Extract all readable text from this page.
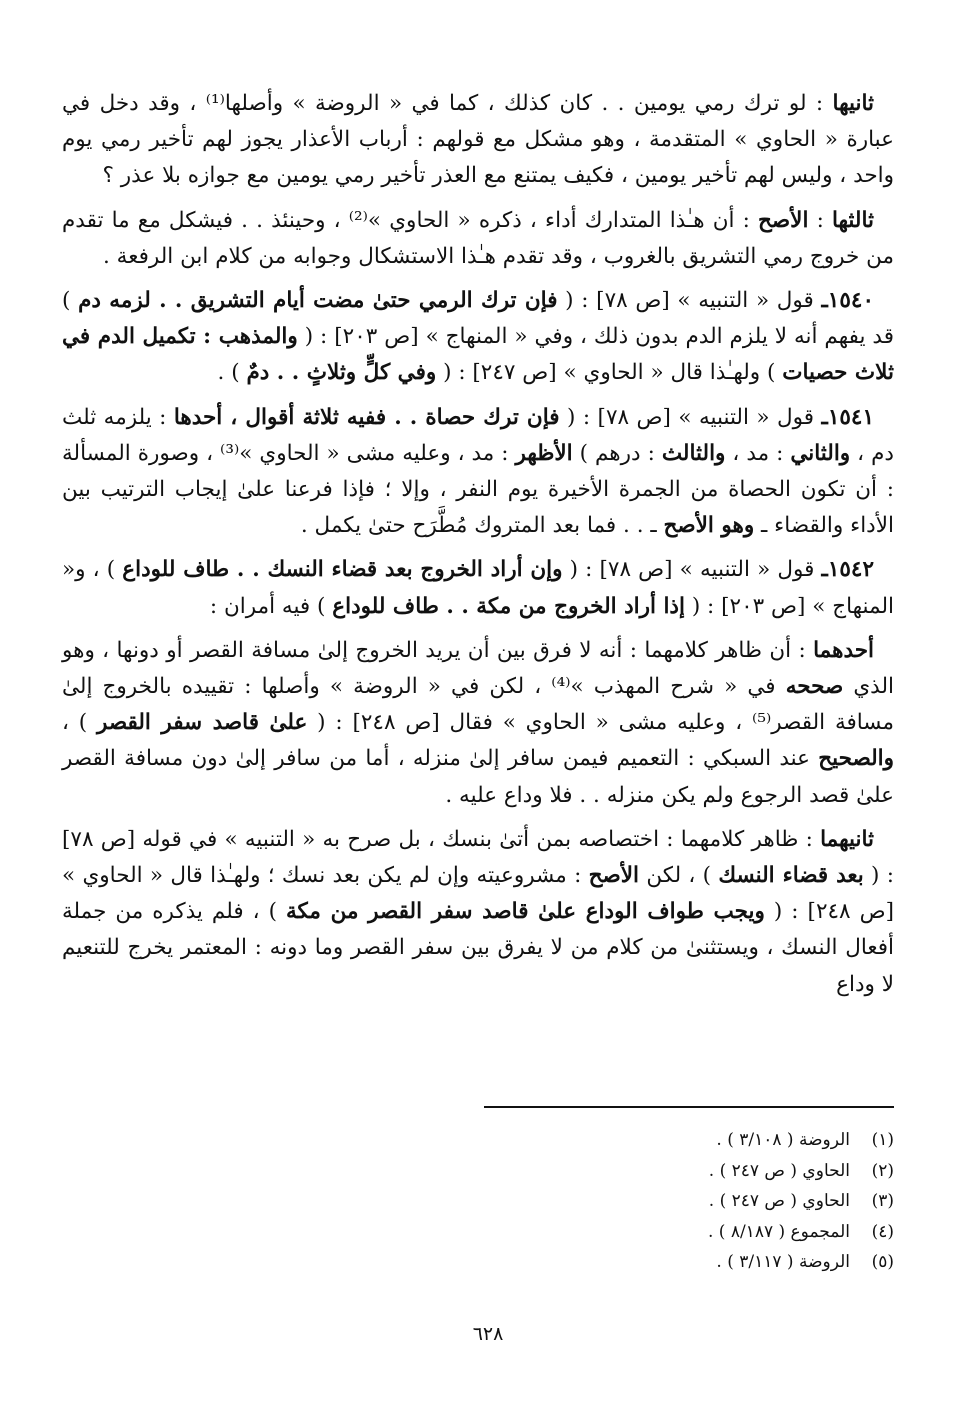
ثانيها : لو ترك رمي يومين . . كان كذلك ، كما في « الروضة » وأصلها⁽¹⁾ ، وقد دخل في عبارة « الحاوي » المتقدمة ، وهو مشكل مع قولهم : أرباب الأعذار يجوز لهم تأخير رمي يوم واحد ، وليس لهم تأخير يومين ، فكيف يمتنع مع العذر تأخير رمي يومين مع جوازه بلا عذر ؟

ثالثها : الأصح : أن هـٰذا المتدارك أداء ، ذكره « الحاوي »⁽²⁾ ، وحينئذ . . فيشكل مع ما تقدم من خروج رمي التشريق بالغروب ، وقد تقدم هـٰذا الاستشكال وجوابه من كلام ابن الرفعة .

١٥٤٠ـ قول « التنبيه » [ص ٧٨] : ( فإن ترك الرمي حتىٰ مضت أيام التشريق . . لزمه دم ) قد يفهم أنه لا يلزم الدم بدون ذلك ، وفي « المنهاج » [ص ٢٠٣] : ( والمذهب : تكميل الدم في ثلاث حصيات ) ولهـٰذا قال « الحاوي » [ص ٢٤٧] : ( وفي كلٍّ وثلاثٍ . . دمٌ ) .

١٥٤١ـ قول « التنبيه » [ص ٧٨] : ( فإن ترك حصاة . . ففيه ثلاثة أقوال ، أحدها : يلزمه ثلث دم ، والثاني : مد ، والثالث : درهم ) الأظهر : مد ، وعليه مشى « الحاوي »⁽³⁾ ، وصورة المسألة : أن تكون الحصاة من الجمرة الأخيرة يوم النفر ، وإلا ؛ فإذا فرعنا علىٰ إيجاب الترتيب بين الأداء والقضاء ـ وهو الأصح ـ . . فما بعد المتروك مُطَّرَح حتىٰ يكمل .

١٥٤٢ـ قول « التنبيه » [ص ٧٨] : ( وإن أراد الخروج بعد قضاء النسك . . طاف للوداع ) ، و« المنهاج » [ص ٢٠٣] : ( إذا أراد الخروج من مكة . . طاف للوداع ) فيه أمران :

أحدهما : أن ظاهر كلامهما : أنه لا فرق بين أن يريد الخروج إلىٰ مسافة القصر أو دونها ، وهو الذي صححه في « شرح المهذب »⁽⁴⁾ ، لكن في « الروضة » وأصلها : تقييده بالخروج إلىٰ مسافة القصر⁽⁵⁾ ، وعليه مشى « الحاوي » فقال [ص ٢٤٨] : ( علىٰ قاصد سفر القصر ) ، والصحيح عند السبكي : التعميم فيمن سافر إلىٰ منزله ، أما من سافر إلىٰ دون مسافة القصر علىٰ قصد الرجوع ولم يكن منزله . . فلا وداع عليه .

ثانيهما : ظاهر كلامهما : اختصاصه بمن أتىٰ بنسك ، بل صرح به « التنبيه » في قوله [ص ٧٨] : ( بعد قضاء النسك ) ، لكن الأصح : مشروعيته وإن لم يكن بعد نسك ؛ ولهـٰذا قال « الحاوي » [ص ٢٤٨] : ( ويجب طواف الوداع علىٰ قاصد سفر القصر من مكة ) ، فلم يذكره من جملة أفعال النسك ، ويستثنىٰ من كلام من لا يفرق بين سفر القصر وما دونه : المعتمر يخرج للتنعيم لا وداع

(١)
الروضة ( ٣/١٠٨ ) .
(٢)
الحاوي ( ص ٢٤٧ ) .
(٣)
الحاوي ( ص ٢٤٧ ) .
(٤)
المجموع ( ٨/١٨٧ ) .
(٥)
الروضة ( ٣/١١٧ ) .
٦٢٨
